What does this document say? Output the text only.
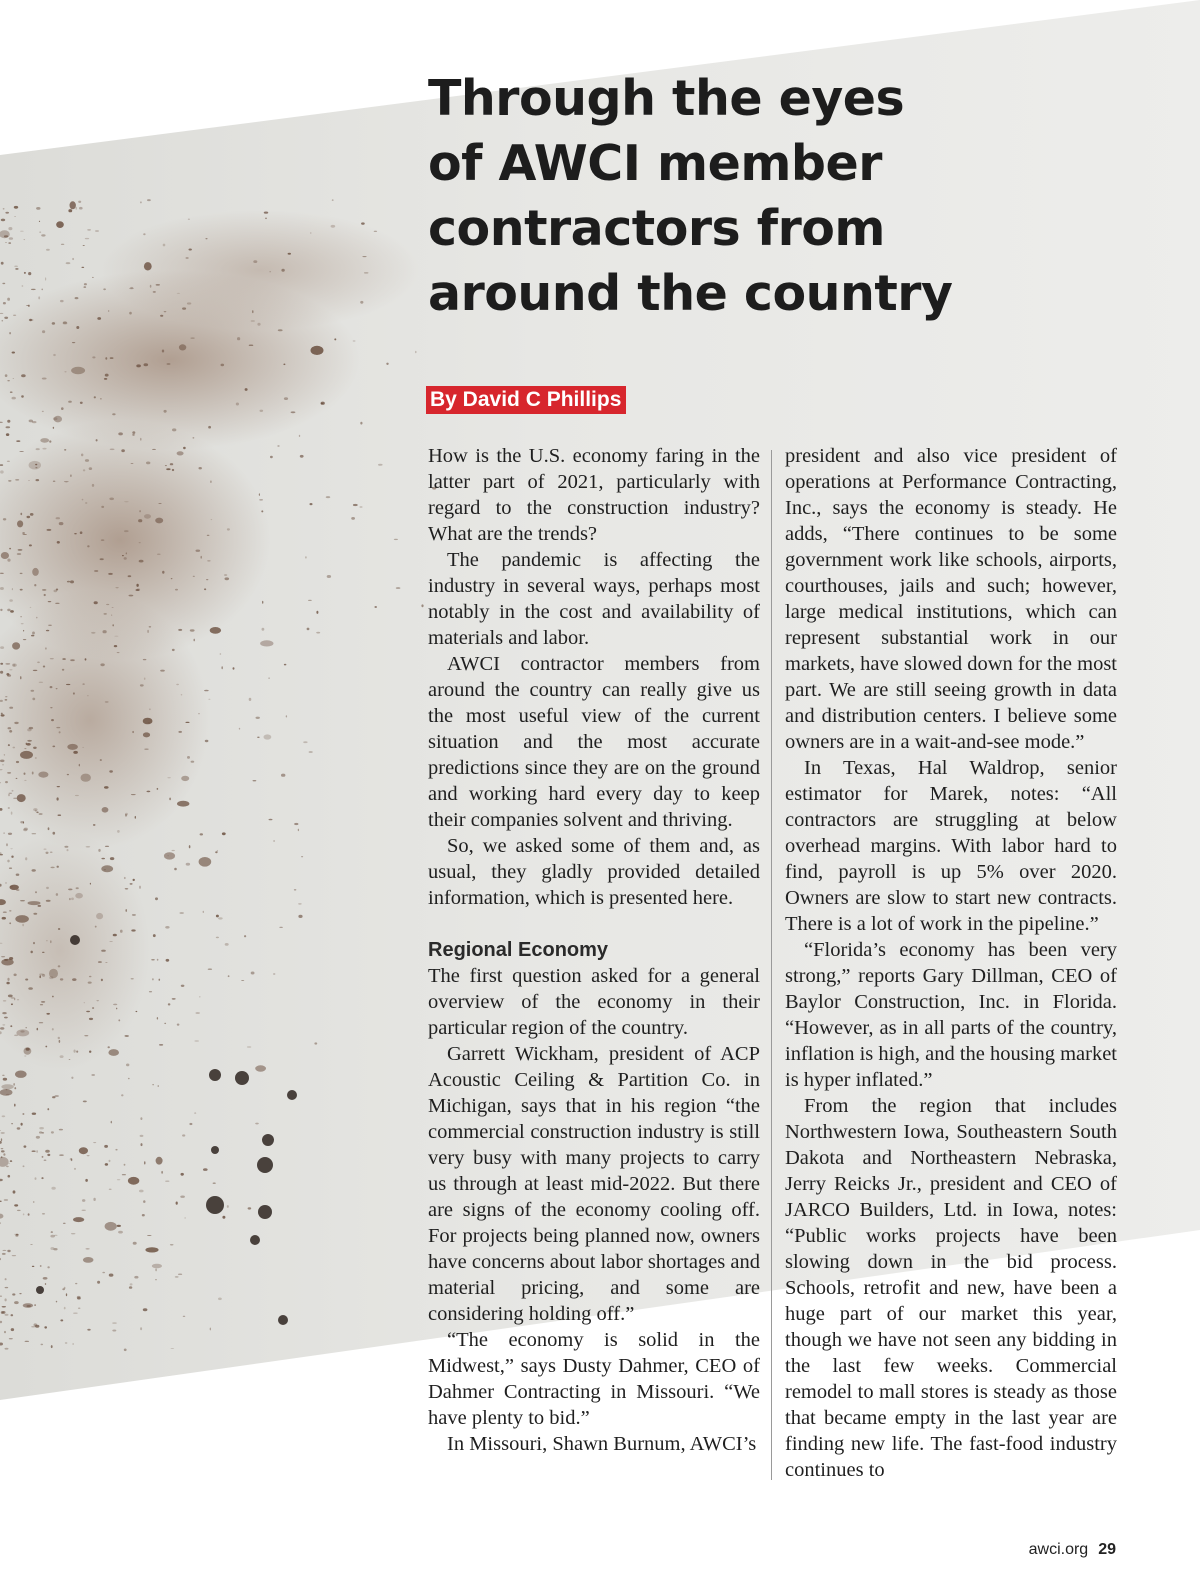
Through the eyes
of AWCI member
contractors from
around the country
By David C Phillips

How is the U.S. economy faring in the latter part of 2021, particularly with regard to the construction industry? What are the trends?

The pandemic is affecting the industry in several ways, perhaps most notably in the cost and availability of materials and labor.

AWCI contractor members from around the country can really give us the most useful view of the current situation and the most accurate predictions since they are on the ground and working hard every day to keep their companies solvent and thriving.

So, we asked some of them and, as usual, they gladly provided detailed information, which is presented here.

Regional Economy

The first question asked for a general overview of the economy in their particular region of the country.

Garrett Wickham, president of ACP Acoustic Ceiling & Partition Co. in Michigan, says that in his region “the commercial construction industry is still very busy with many projects to carry us through at least mid-2022. But there are signs of the economy cooling off. For projects being planned now, owners have concerns about labor shortages and material pricing, and some are considering holding off.”

“The economy is solid in the Midwest,” says Dusty Dahmer, CEO of Dahmer Contracting in Missouri. “We have plenty to bid.”

In Missouri, Shawn Burnum, AWCI’s

president and also vice president of operations at Performance Contracting, Inc., says the economy is steady. He adds, “There continues to be some government work like schools, airports, courthouses, jails and such; however, large medical institutions, which can represent substantial work in our markets, have slowed down for the most part. We are still seeing growth in data and distribution centers. I believe some owners are in a wait-and-see mode.”

In Texas, Hal Waldrop, senior estimator for Marek, notes: “All contractors are struggling at below overhead margins. With labor hard to find, payroll is up 5% over 2020. Owners are slow to start new contracts. There is a lot of work in the pipeline.”

“Florida’s economy has been very strong,” reports Gary Dillman, CEO of Baylor Construction, Inc. in Florida. “However, as in all parts of the country, inflation is high, and the housing market is hyper inflated.”

From the region that includes Northwestern Iowa, Southeastern South Dakota and Northeastern Nebraska, Jerry Reicks Jr., president and CEO of JARCO Builders, Ltd. in Iowa, notes: “Public works projects have been slowing down in the bid process. Schools, retrofit and new, have been a huge part of our market this year, though we have not seen any bidding in the last few weeks. Commercial remodel to mall stores is steady as those that became empty in the last year are finding new life. The fast-food industry continues to

awci.org 29
